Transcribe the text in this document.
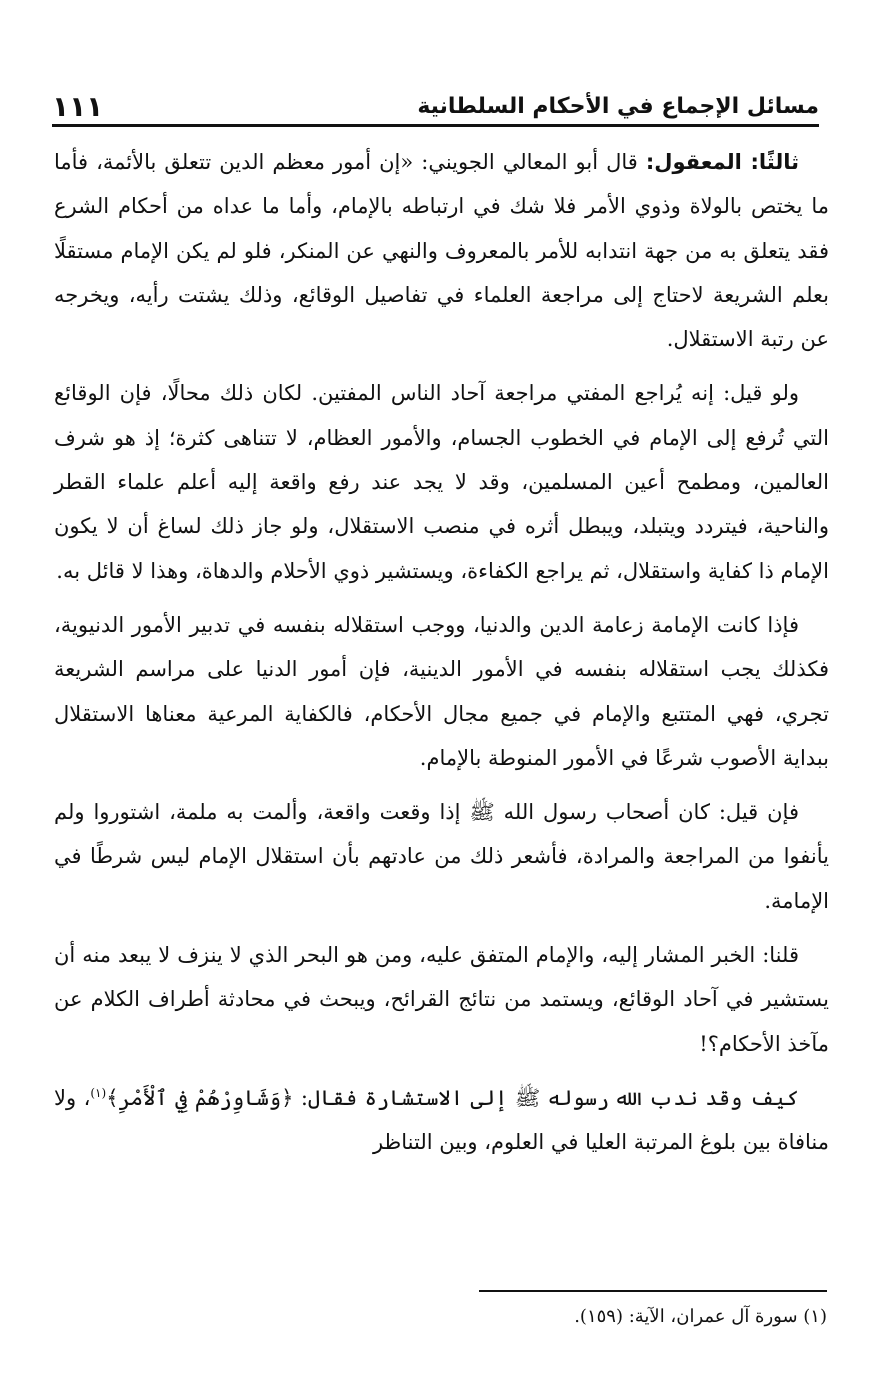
مسائل الإجماع في الأحكام السلطانية
١١١

ثالثًا: المعقول: قال أبو المعالي الجويني: «إن أمور معظم الدين تتعلق بالأئمة، فأما ما يختص بالولاة وذوي الأمر فلا شك في ارتباطه بالإمام، وأما ما عداه من أحكام الشرع فقد يتعلق به من جهة انتدابه للأمر بالمعروف والنهي عن المنكر، فلو لم يكن الإمام مستقلًا بعلم الشريعة لاحتاج إلى مراجعة العلماء في تفاصيل الوقائع، وذلك يشتت رأيه، ويخرجه عن رتبة الاستقلال.

ولو قيل: إنه يُراجع المفتي مراجعة آحاد الناس المفتين. لكان ذلك محالًا، فإن الوقائع التي تُرفع إلى الإمام في الخطوب الجسام، والأمور العظام، لا تتناهى كثرة؛ إذ هو شرف العالمين، ومطمح أعين المسلمين، وقد لا يجد عند رفع واقعة إليه أعلم علماء القطر والناحية، فيتردد ويتبلد، ويبطل أثره في منصب الاستقلال، ولو جاز ذلك لساغ أن لا يكون الإمام ذا كفاية واستقلال، ثم يراجع الكفاءة، ويستشير ذوي الأحلام والدهاة، وهذا لا قائل به.

فإذا كانت الإمامة زعامة الدين والدنيا، ووجب استقلاله بنفسه في تدبير الأمور الدنيوية، فكذلك يجب استقلاله بنفسه في الأمور الدينية، فإن أمور الدنيا على مراسم الشريعة تجري، فهي المتتبع والإمام في جميع مجال الأحكام، فالكفاية المرعية معناها الاستقلال ببداية الأصوب شرعًا في الأمور المنوطة بالإمام.

فإن قيل: كان أصحاب رسول الله ﷺ إذا وقعت واقعة، وألمت به ملمة، اشتوروا ولم يأنفوا من المراجعة والمرادة، فأشعر ذلك من عادتهم بأن استقلال الإمام ليس شرطًا في الإمامة.

قلنا: الخبر المشار إليه، والإمام المتفق عليه، ومن هو البحر الذي لا ينزف لا يبعد منه أن يستشير في آحاد الوقائع، ويستمد من نتائج القرائح، ويبحث في محادثة أطراف الكلام عن مآخذ الأحكام؟!

كيف وقد ندب الله رسوله ﷺ إلى الاستشارة فقال: ﴿وَشَاوِرْهُمْ فِي ٱلْأَمْرِ﴾$^{(١)}$، ولا منافاة بين بلوغ المرتبة العليا في العلوم، وبين التناظر

(١) سورة آل عمران، الآية: (١٥٩).
